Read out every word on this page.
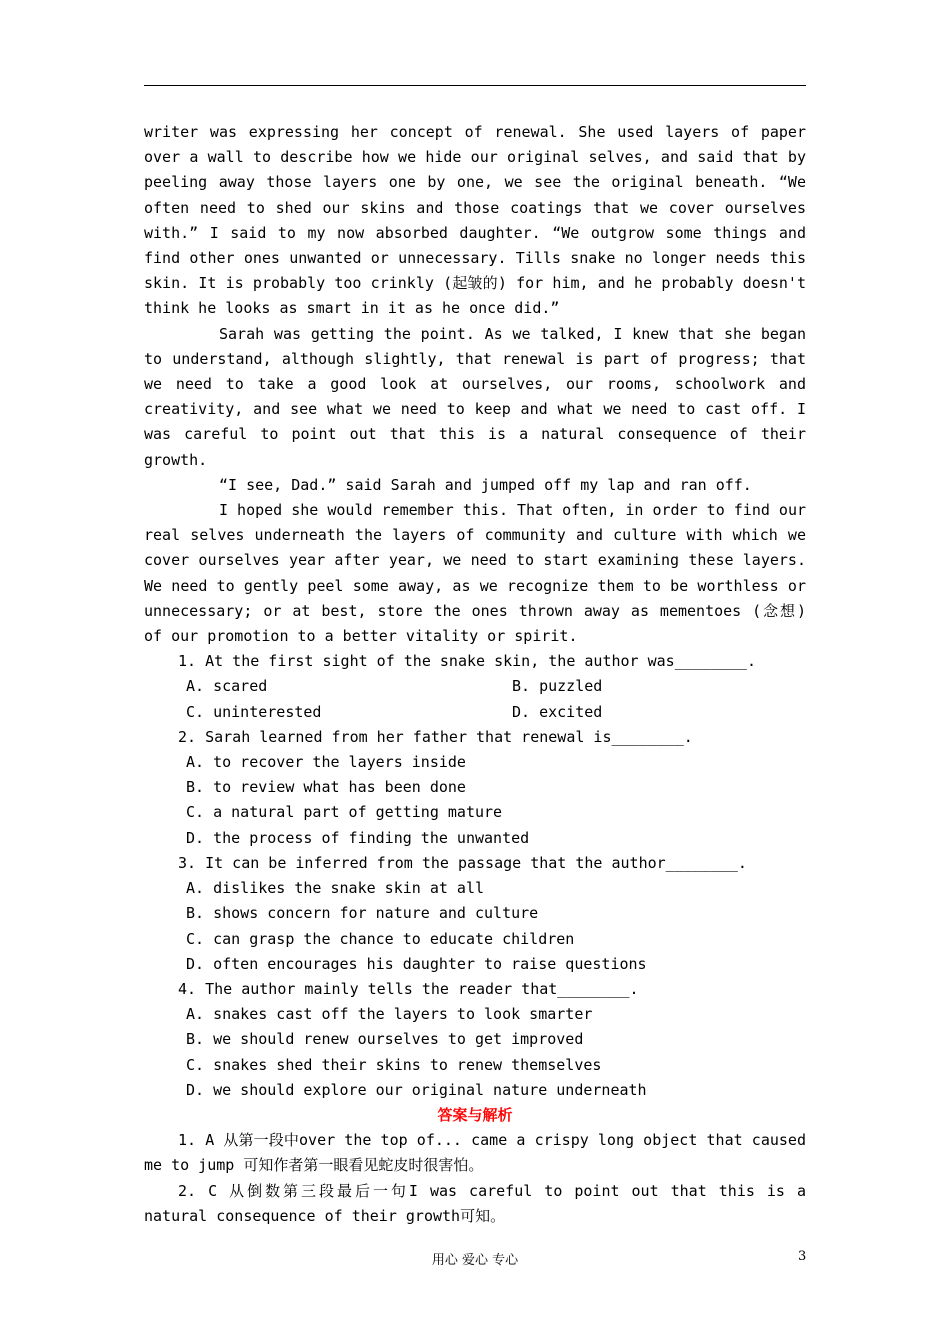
writer was expressing her concept of renewal. She used layers of paper over a wall to describe how we hide our original selves, and said that by peeling away those layers one by one, we see the original beneath. “We often need to shed our skins and those coatings that we cover ourselves with.” I said to my now absorbed daughter. “We outgrow some things and find other ones unwanted or unnecessary. Tills snake no longer needs this skin. It is probably too crinkly (起皱的) for him, and he probably doesn't think he looks as smart in it as he once did.”

Sarah was getting the point. As we talked, I knew that she began to understand, although slightly, that renewal is part of progress; that we need to take a good look at ourselves, our rooms, schoolwork and creativity, and see what we need to keep and what we need to cast off. I was careful to point out that this is a natural consequence of their growth.

“I see, Dad.” said Sarah and jumped off my lap and ran off.

I hoped she would remember this. That often, in order to find our real selves underneath the layers of community and culture with which we cover ourselves year after year, we need to start examining these layers. We need to gently peel some away, as we recognize them to be worthless or unnecessary; or at best, store the ones thrown away as mementoes (念想) of our promotion to a better vitality or spirit.

1. At the first sight of the snake skin, the author was________.

A. scared	B. puzzled
C. uninterested	D. excited

2. Sarah learned from her father that renewal is________.

A. to recover the layers inside

B. to review what has been done

C. a natural part of getting mature

D. the process of finding the unwanted

3. It can be inferred from the passage that the author________.

A. dislikes the snake skin at all

B. shows concern for nature and culture

C. can grasp the chance to educate children

D. often encourages his daughter to raise questions

4. The author mainly tells the reader that________.

A. snakes cast off the layers to look smarter

B. we should renew ourselves to get improved

C. snakes shed their skins to renew themselves

D. we should explore our original nature underneath

答案与解析

1. A 从第一段中over the top of... came a crispy long object that caused me to jump 可知作者第一眼看见蛇皮时很害怕。

2. C 从倒数第三段最后一句I was careful to point out that this is a natural consequence of their growth可知。

用心 爱心 专心	3
